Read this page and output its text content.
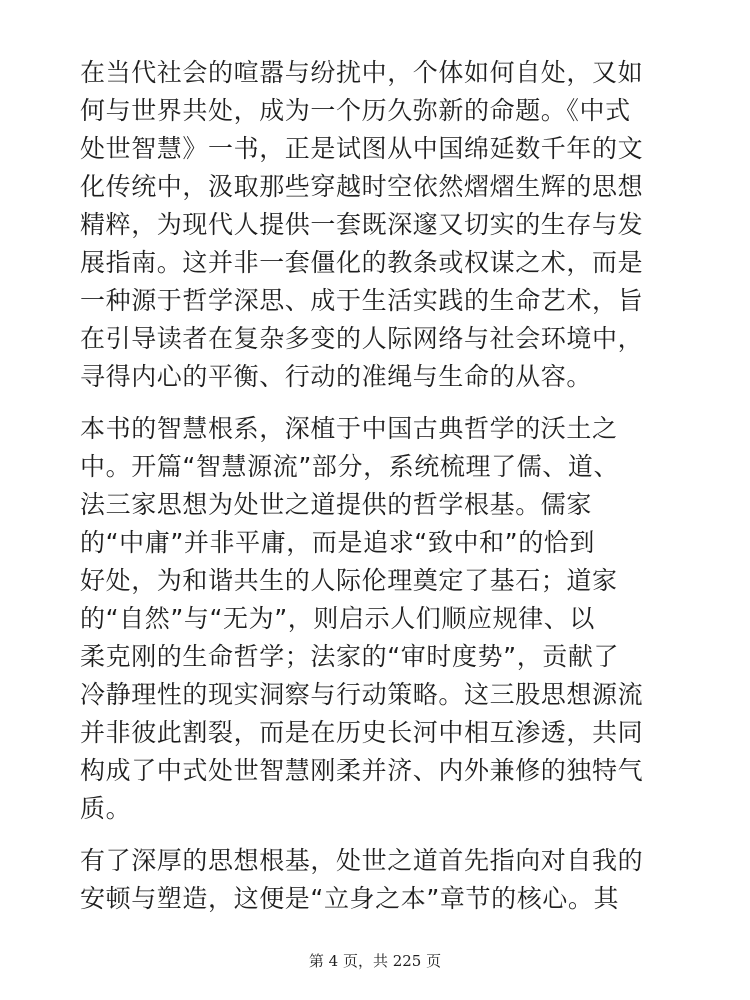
在当代社会的喧嚣与纷扰中，个体如何自处，又如
何与世界共处，成为一个历久弥新的命题。《中式
处世智慧》一书，正是试图从中国绵延数千年的文
化传统中，汲取那些穿越时空依然熠熠生辉的思想
精粹，为现代人提供一套既深邃又切实的生存与发
展指南。这并非一套僵化的教条或权谋之术，而是
一种源于哲学深思、成于生活实践的生命艺术，旨
在引导读者在复杂多变的人际网络与社会环境中，
寻得内心的平衡、行动的准绳与生命的从容。
本书的智慧根系，深植于中国古典哲学的沃土之
中。开篇“智慧源流”部分，系统梳理了儒、道、
法三家思想为处世之道提供的哲学根基。儒家
的“中庸”并非平庸，而是追求“致中和”的恰到
好处，为和谐共生的人际伦理奠定了基石；道家
的“自然”与“无为”，则启示人们顺应规律、以
柔克刚的生命哲学；法家的“审时度势”，贡献了
冷静理性的现实洞察与行动策略。这三股思想源流
并非彼此割裂，而是在历史长河中相互渗透，共同
构成了中式处世智慧刚柔并济、内外兼修的独特气
质。
有了深厚的思想根基，处世之道首先指向对自我的
安顿与塑造，这便是“立身之本”章节的核心。其
第 4 页，共 225 页
